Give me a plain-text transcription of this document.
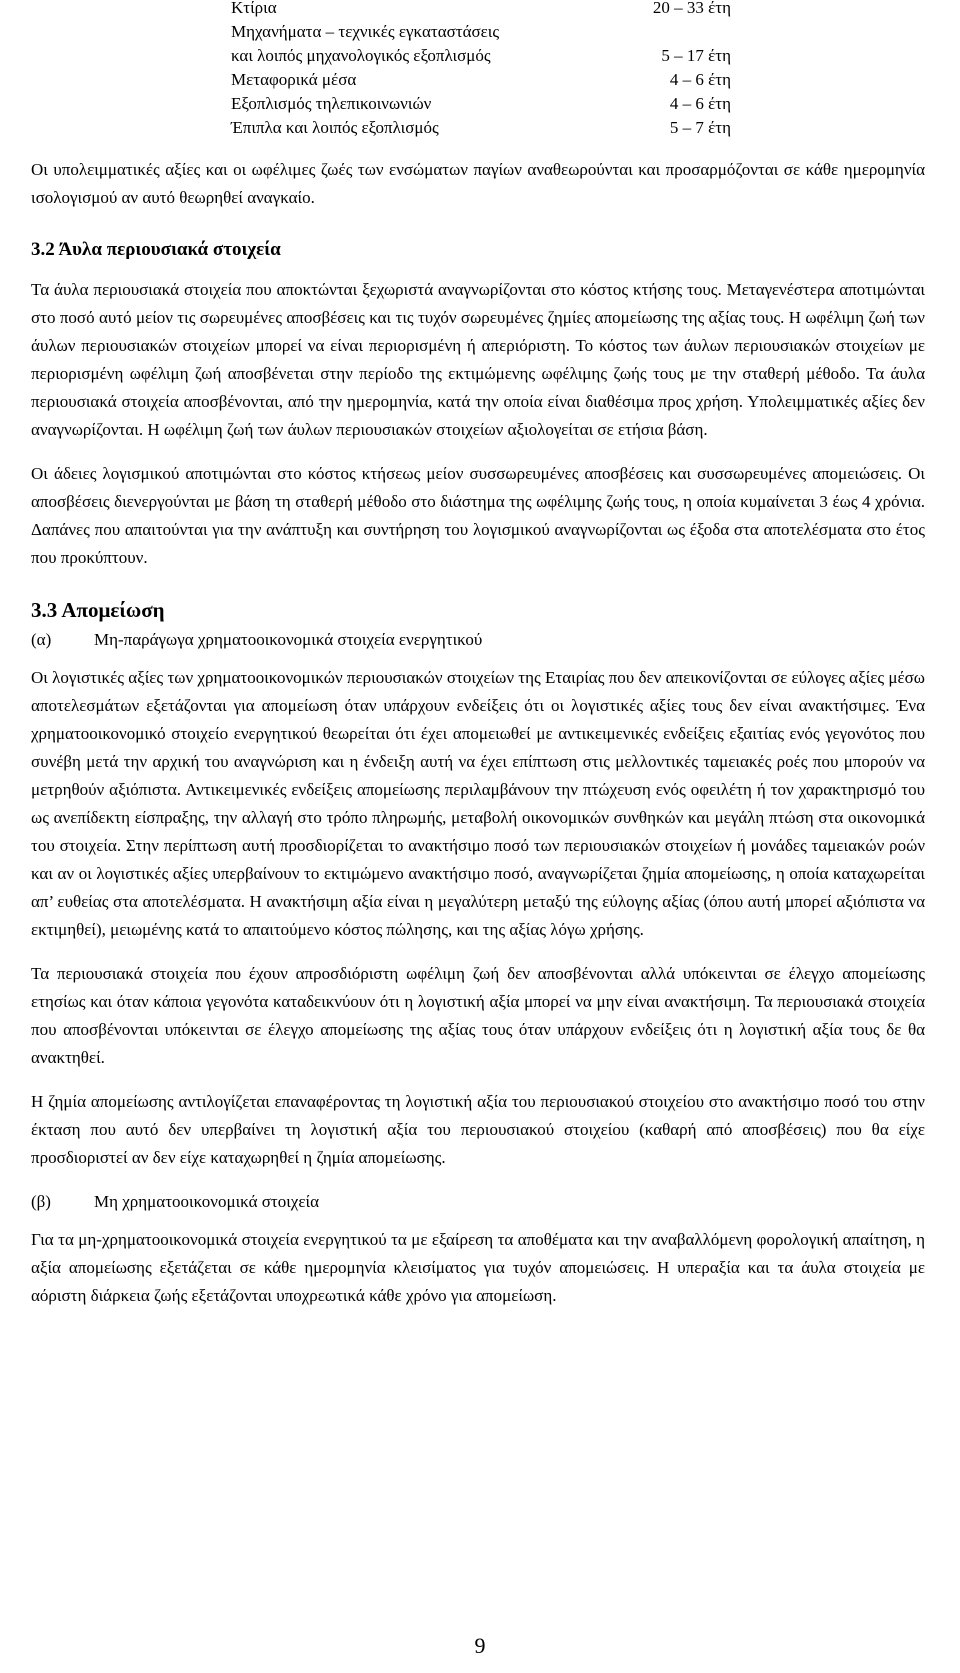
Κτίρια	20 – 33 έτη
Μηχανήματα – τεχνικές εγκαταστάσεις	
και λοιπός μηχανολογικός εξοπλισμός	5 – 17 έτη
Μεταφορικά μέσα	4 – 6 έτη
Εξοπλισμός τηλεπικοινωνιών	4 – 6 έτη
Έπιπλα και λοιπός εξοπλισμός	5 – 7 έτη

Οι υπολειμματικές αξίες και οι ωφέλιμες ζωές των ενσώματων παγίων αναθεωρούνται και προσαρμόζονται σε κάθε ημερομηνία ισολογισμού αν αυτό θεωρηθεί αναγκαίο.

3.2 Άυλα περιουσιακά στοιχεία

Τα άυλα περιουσιακά στοιχεία που αποκτώνται ξεχωριστά αναγνωρίζονται στο κόστος κτήσης τους. Μεταγενέστερα αποτιμώνται στο ποσό αυτό μείον τις σωρευμένες αποσβέσεις και τις τυχόν σωρευμένες ζημίες απομείωσης της αξίας τους. Η ωφέλιμη ζωή των άυλων περιουσιακών στοιχείων μπορεί να είναι περιορισμένη ή απεριόριστη. Το κόστος των άυλων περιουσιακών στοιχείων με περιορισμένη ωφέλιμη ζωή αποσβένεται στην περίοδο της εκτιμώμενης ωφέλιμης ζωής τους με την σταθερή μέθοδο. Τα άυλα περιουσιακά στοιχεία αποσβένονται, από την ημερομηνία, κατά την οποία είναι διαθέσιμα προς χρήση. Υπολειμματικές αξίες δεν αναγνωρίζονται. Η ωφέλιμη ζωή των άυλων περιουσιακών στοιχείων αξιολογείται σε ετήσια βάση.

Οι άδειες λογισμικού αποτιμώνται στο κόστος κτήσεως μείον συσσωρευμένες αποσβέσεις και συσσωρευμένες απομειώσεις. Οι αποσβέσεις διενεργούνται με βάση τη σταθερή μέθοδο στο διάστημα της ωφέλιμης ζωής τους, η οποία κυμαίνεται 3 έως 4 χρόνια. Δαπάνες που απαιτούνται για την ανάπτυξη και συντήρηση του λογισμικού αναγνωρίζονται ως έξοδα στα αποτελέσματα στο έτος που προκύπτουν.

3.3 Απομείωση
(α)	Μη-παράγωγα χρηματοοικονομικά στοιχεία ενεργητικού

Οι λογιστικές αξίες των χρηματοοικονομικών περιουσιακών στοιχείων της Εταιρίας που δεν απεικονίζονται σε εύλογες αξίες μέσω αποτελεσμάτων εξετάζονται για απομείωση όταν υπάρχουν ενδείξεις ότι οι λογιστικές αξίες τους δεν είναι ανακτήσιμες. Ένα χρηματοοικονομικό στοιχείο ενεργητικού θεωρείται ότι έχει απομειωθεί με αντικειμενικές ενδείξεις εξαιτίας ενός γεγονότος που συνέβη μετά την αρχική του αναγνώριση και η ένδειξη αυτή να έχει επίπτωση στις μελλοντικές ταμειακές ροές που μπορούν να μετρηθούν αξιόπιστα. Αντικειμενικές ενδείξεις απομείωσης περιλαμβάνουν την πτώχευση ενός οφειλέτη ή τον χαρακτηρισμό του ως ανεπίδεκτη είσπραξης, την αλλαγή στο τρόπο πληρωμής, μεταβολή οικονομικών συνθηκών και μεγάλη πτώση στα οικονομικά του στοιχεία. Στην περίπτωση αυτή προσδιορίζεται το ανακτήσιμο ποσό των περιουσιακών στοιχείων ή μονάδες ταμειακών ροών και αν οι λογιστικές αξίες υπερβαίνουν το εκτιμώμενο ανακτήσιμο ποσό, αναγνωρίζεται ζημία απομείωσης, η οποία καταχωρείται απ’ ευθείας στα αποτελέσματα. Η ανακτήσιμη αξία είναι η μεγαλύτερη μεταξύ της εύλογης αξίας (όπου αυτή μπορεί αξιόπιστα να εκτιμηθεί), μειωμένης κατά το απαιτούμενο κόστος πώλησης, και της αξίας λόγω χρήσης.

Τα περιουσιακά στοιχεία που έχουν απροσδιόριστη ωφέλιμη ζωή δεν αποσβένονται αλλά υπόκεινται σε έλεγχο απομείωσης ετησίως και όταν κάποια γεγονότα καταδεικνύουν ότι η λογιστική αξία μπορεί να μην είναι ανακτήσιμη. Τα περιουσιακά στοιχεία που αποσβένονται υπόκεινται σε έλεγχο απομείωσης της αξίας τους όταν υπάρχουν ενδείξεις ότι η λογιστική αξία τους δε θα ανακτηθεί.

Η ζημία απομείωσης αντιλογίζεται επαναφέροντας τη λογιστική αξία του περιουσιακού στοιχείου στο ανακτήσιμο ποσό του στην έκταση που αυτό δεν υπερβαίνει τη λογιστική αξία του περιουσιακού στοιχείου (καθαρή από αποσβέσεις) που θα είχε προσδιοριστεί αν δεν είχε καταχωρηθεί η ζημία απομείωσης.

(β)	Μη χρηματοοικονομικά στοιχεία

Για τα μη-χρηματοοικονομικά στοιχεία ενεργητικού τα με εξαίρεση τα αποθέματα και την αναβαλλόμενη φορολογική απαίτηση, η αξία απομείωσης εξετάζεται σε κάθε ημερομηνία κλεισίματος για τυχόν απομειώσεις. Η υπεραξία και τα άυλα στοιχεία με αόριστη διάρκεια ζωής εξετάζονται υποχρεωτικά κάθε χρόνο για απομείωση.

9
